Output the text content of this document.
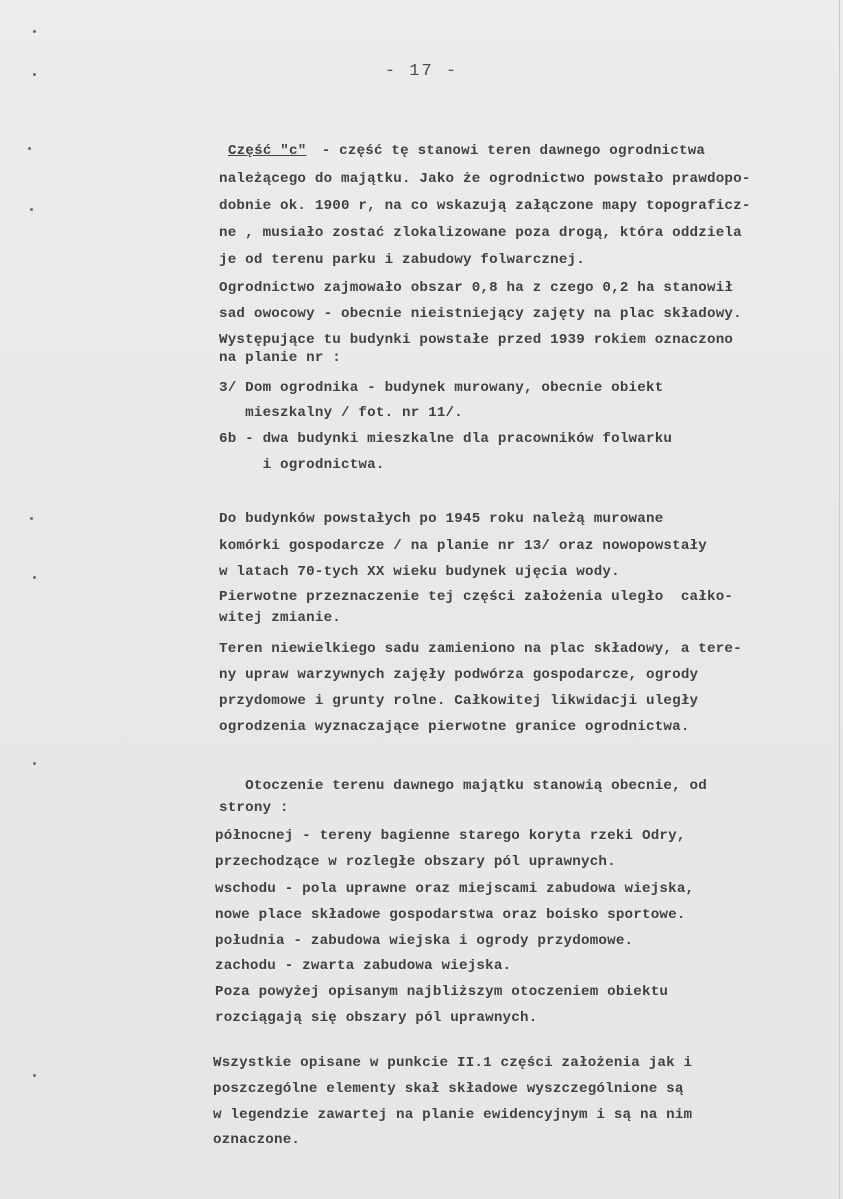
- 17 -
Część "c" - część tę stanowi teren dawnego ogrodnictwa
należącego do majątku. Jako że ogrodnictwo powstało prawdopo-
dobnie ok. 1900 r, na co wskazują załączone mapy topograficz-
ne , musiało zostać zlokalizowane poza drogą, która oddziela
je od terenu parku i zabudowy folwarcznej.
Ogrodnictwo zajmowało obszar 0,8 ha z czego 0,2 ha stanowił
sad owocowy - obecnie nieistniejący zajęty na plac składowy.
Występujące tu budynki powstałe przed 1939 rokiem oznaczono
na planie nr :
3/ Dom ogrodnika - budynek murowany, obecnie obiekt
mieszkalny / fot. nr 11/.
6b - dwa budynki mieszkalne dla pracowników folwarku
i ogrodnictwa.
Do budynków powstałych po 1945 roku należą murowane
komórki gospodarcze / na planie nr 13/ oraz nowopowstały
w latach 70-tych XX wieku budynek ujęcia wody.
Pierwotne przeznaczenie tej części założenia uległo  całko-
witej zmianie.
Teren niewielkiego sadu zamieniono na plac składowy, a tere-
ny upraw warzywnych zajęły podwórza gospodarcze, ogrody
przydomowe i grunty rolne. Całkowitej likwidacji uległy
ogrodzenia wyznaczające pierwotne granice ogrodnictwa.
Otoczenie terenu dawnego majątku stanowią obecnie, od
strony :
północnej - tereny bagienne starego koryta rzeki Odry,
przechodzące w rozległe obszary pól uprawnych.
wschodu - pola uprawne oraz miejscami zabudowa wiejska,
nowe place składowe gospodarstwa oraz boisko sportowe.
południa - zabudowa wiejska i ogrody przydomowe.
zachodu - zwarta zabudowa wiejska.
Poza powyżej opisanym najbliższym otoczeniem obiektu
rozciągają się obszary pól uprawnych.
Wszystkie opisane w punkcie II.1 części założenia jak i
poszczególne elementy skał składowe wyszczególnione są
w legendzie zawartej na planie ewidencyjnym i są na nim
oznaczone.
